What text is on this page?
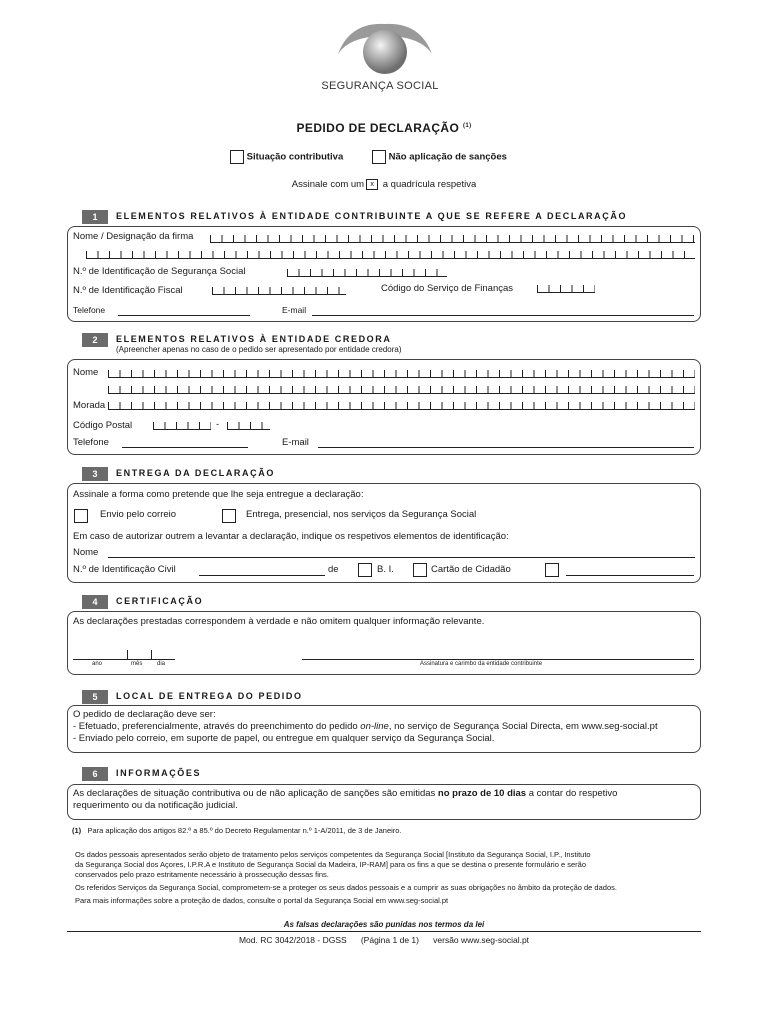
SEGURANÇA SOCIAL
PEDIDO DE DECLARAÇÃO $^{(1)}$
Situação contributiva	Não aplicação de sanções
Assinale com um x a quadrícula respetiva
1	ELEMENTOS RELATIVOS À ENTIDADE CONTRIBUINTE A QUE SE REFERE A DECLARAÇÃO
Nome / Designação da firma
N.º de Identificação de Segurança Social
N.º de Identificação Fiscal	Código do Serviço de Finanças
Telefone	E-mail
2	ELEMENTOS RELATIVOS À ENTIDADE CREDORA
(Apreencher apenas no caso de o pedido ser apresentado por entidade credora)
Nome
Morada
Código Postal	-
Telefone	E-mail
3	ENTREGA DA DECLARAÇÃO
Assinale a forma como pretende que lhe seja entregue a declaração:
Envio pelo correio	Entrega, presencial, nos serviços da Segurança Social
Em caso de autorizar outrem a levantar a declaração, indique os respetivos elementos de identificação:
Nome
N.º de Identificação Civil	de	B. I.	Cartão de Cidadão
4	CERTIFICAÇÃO
As declarações prestadas correspondem à verdade e não omitem qualquer informação relevante.
ano	mês dia	Assinatura e carimbo da entidade contribuinte
5	LOCAL DE ENTREGA DO PEDIDO
O pedido de declaração deve ser:
- Efetuado, preferencialmente, através do preenchimento do pedido on-line, no serviço de Segurança Social Directa, em www.seg-social.pt
- Enviado pelo correio, em suporte de papel, ou entregue em qualquer serviço da Segurança Social.
6	INFORMAÇÕES
As declarações de situação contributiva ou de não aplicação de sanções são emitidas no prazo de 10 dias a contar do respetivo
requerimento ou da notificação judicial.
(1) Para aplicação dos artigos 82.º a 85.º do Decreto Regulamentar n.º 1-A/2011, de 3 de Janeiro.
Os dados pessoais apresentados serão objeto de tratamento pelos serviços competentes da Segurança Social [Instituto da Segurança Social, I.P., Instituto
da Segurança Social dos Açores, I.P.R.A e Instituto de Segurança Social da Madeira, IP-RAM] para os fins a que se destina o presente formulário e serão
conservados pelo prazo estritamente necessário à prossecução dessas fins.
Os referidos Serviços da Segurança Social, comprometem-se a proteger os seus dados pessoais e a cumprir as suas obrigações no âmbito da proteção de dados.
Para mais informações sobre a proteção de dados, consulte o portal da Segurança Social em www.seg-social.pt
As falsas declarações são punidas nos termos da lei
Mod. RC 3042/2018 - DGSS      (Página 1 de 1)      versão www.seg-social.pt
